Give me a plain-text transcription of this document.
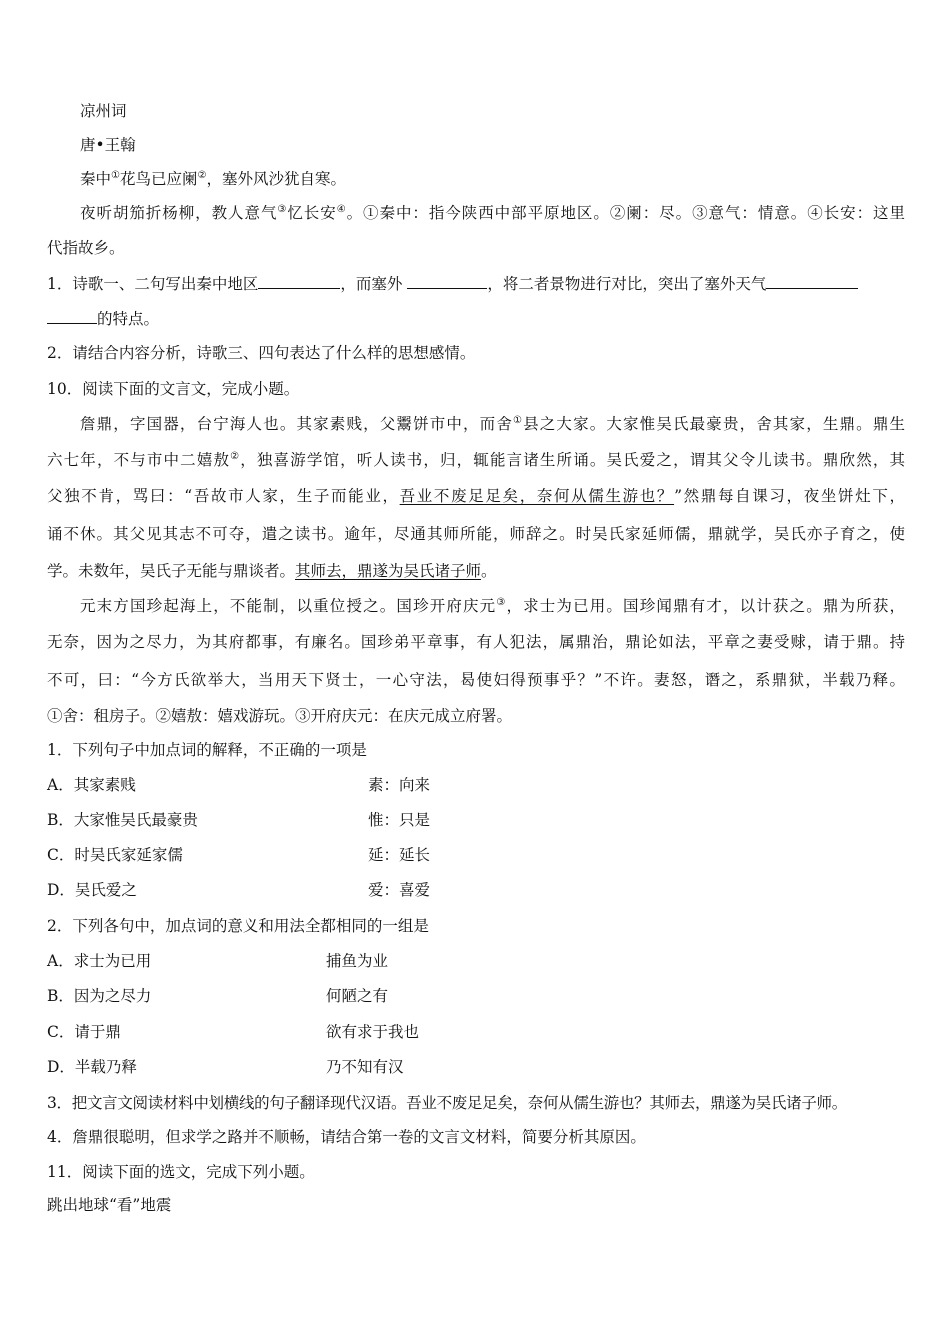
凉州词
唐•王翰
秦中①花鸟已应阑②，塞外风沙犹自寒。
夜听胡笳折杨柳，教人意气③忆长安④。①秦中：指今陕西中部平原地区。②阑：尽。③意气：情意。④长安：这里
代指故乡。
1．诗歌一、二句写出秦中地区	，而塞外	，将二者景物进行对比，突出了塞外天气
的特点。
2．请结合内容分析，诗歌三、四句表达了什么样的思想感情。
10．阅读下面的文言文，完成小题。
詹鼎，字国器，台宁海人也。其家素贱，父鬻饼市中，而舍①县之大家。大家惟吴氏最豪贵，舍其家，生鼎。鼎生
六七年，不与市中二嬉敖②，独喜游学馆，听人读书，归，辄能言诸生所诵。吴氏爱之，谓其父令儿读书。鼎欣然，其
父独不肯，骂曰：“吾故市人家，生子而能业，吾业不废足足矣，奈何从儒生游也？”然鼎每自课习，夜坐饼灶下，
诵不休。其父见其志不可夺，遣之读书。逾年，尽通其师所能，师辞之。时吴氏家延师儒，鼎就学，吴氏亦子育之，使
学。未数年，吴氏子无能与鼎谈者。其师去，鼎遂为吴氏诸子师。
元末方国珍起海上，不能制，以重位授之。国珍开府庆元③，求士为已用。国珍闻鼎有才，以计获之。鼎为所获，
无奈，因为之尽力，为其府都事，有廉名。国珍弟平章事，有人犯法，属鼎治，鼎论如法，平章之妻受赇，请于鼎。持
不可，曰：“今方氏欲举大，当用天下贤士，一心守法，曷使妇得预事乎？”不许。妻怒，谮之，系鼎狱，半载乃释。
①舍：租房子。②嬉敖：嬉戏游玩。③开府庆元：在庆元成立府署。
1．下列句子中加点词的解释，不正确的一项是
A．其家素贱	素：向来
B．大家惟吴氏最豪贵	惟：只是
C．时吴氏家延家儒	延：延长
D．吴氏爱之	爱：喜爱
2．下列各句中，加点词的意义和用法全都相同的一组是
A．求士为已用	捕鱼为业
B．因为之尽力	何陋之有
C．请于鼎	欲有求于我也
D．半载乃释	乃不知有汉
3．把文言文阅读材料中划横线的句子翻译现代汉语。吾业不废足足矣，奈何从儒生游也？其师去，鼎遂为吴氏诸子师。
4．詹鼎很聪明，但求学之路并不顺畅，请结合第一卷的文言文材料，简要分析其原因。
11．阅读下面的选文，完成下列小题。
跳出地球“看”地震
